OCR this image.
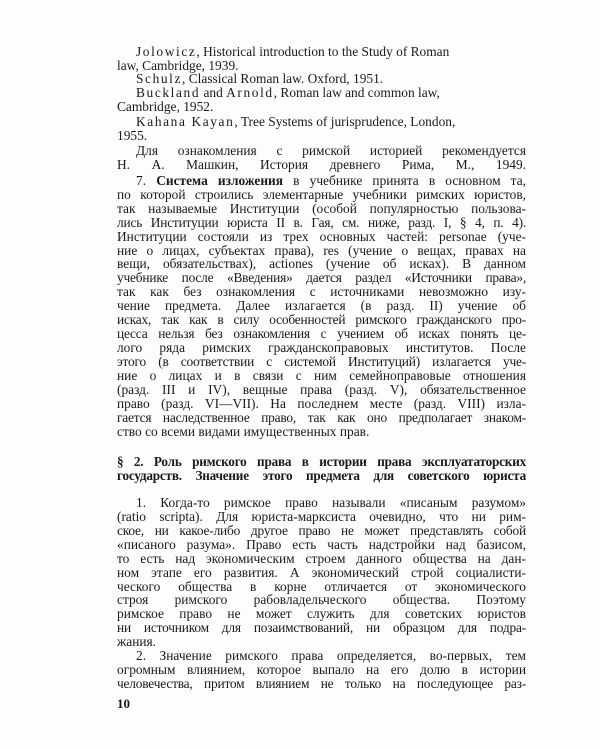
Jolowicz, Historical introduction to the Study of Roman
law, Cambridge, 1939.
Schulz, Classical Roman law. Oxford, 1951.
Buckland and Arnold, Roman law and common law,
Cambridge, 1952.
Kahana Kayan, Tree Systems of jurisprudence, London,
1955.
Для ознакомления с римской историей рекомендуется
Н. А. Машкин, История древнего Рима, М., 1949.
7. Система изложения в учебнике принята в основном та,
по которой строились элементарные учебники римских юристов,
так называемые Институции (особой популярностью пользова-
лись Институции юриста II в. Гая, см. ниже, разд. I, § 4, п. 4).
Институции состояли из трех основных частей: personae (уче-
ние о лицах, субъектах права), res (учение о вещах, правах на
вещи, обязательствах), actiones (учение об исках). В данном
учебнике после «Введения» дается раздел «Источники права»,
так как без ознакомления с источниками невозможно изу-
чение предмета. Далее излагается (в разд. II) учение об
исках, так как в силу особенностей римского гражданского про-
цесса нельзя без ознакомления с учением об исках понять це-
лого ряда римских гражданскоправовых институтов. После
этого (в соответствии с системой Институций) излагается уче-
ние о лицах и в связи с ним семейноправовые отношения
(разд. III и IV), вещные права (разд. V), обязательственное
право (разд. VI—VII). На последнем месте (разд. VIII) изла-
гается наследственное право, так как оно предполагает знаком-
ство со всеми видами имущественных прав.
§ 2. Роль римского права в истории права эксплуататорских
государств. Значение этого предмета для советского юриста
1. Когда-то римское право называли «писаным разумом»
(ratio scripta). Для юриста-марксиста очевидно, что ни рим-
ское, ни какое-либо другое право не может представлять собой
«писаного разума». Право есть часть надстройки над базисом,
то есть над экономическим строем данного общества на дан-
ном этапе его развития. А экономический строй социалисти-
ческого общества в корне отличается от экономического
строя римского рабовладельческого общества. Поэтому
римское право не может служить для советских юристов
ни источником для позаимствований, ни образцом для подра-
жания.
2. Значение римского права определяется, во-первых, тем
огромным влиянием, которое выпало на его долю в истории
человечества, притом влиянием не только на последующее раз-
10
